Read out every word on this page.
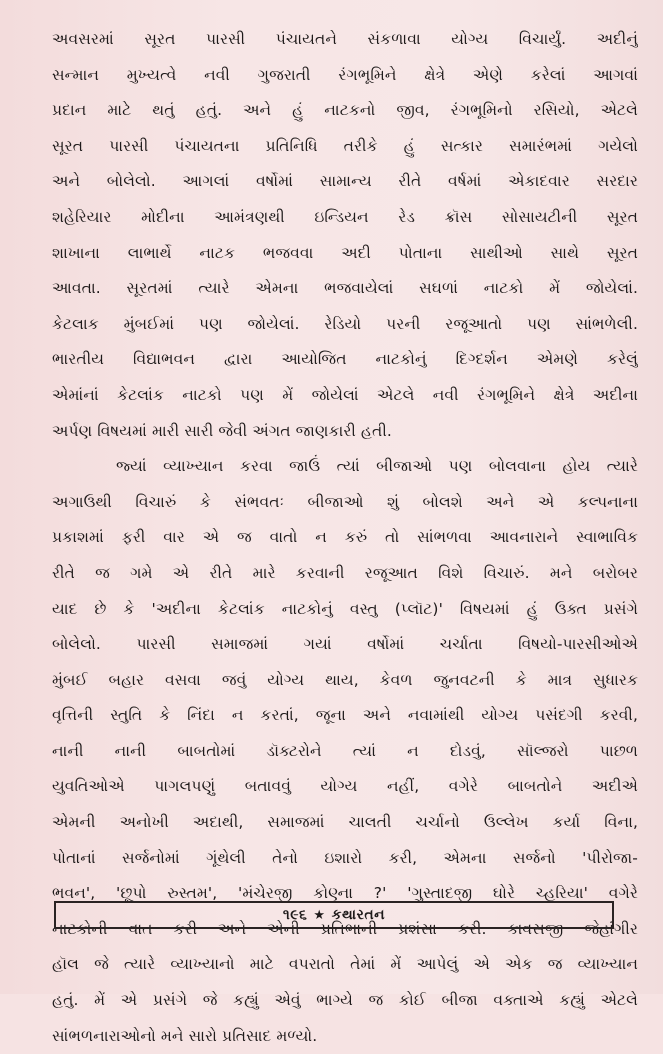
અવસરમાં સૂરત પારસી પંચાયતને સંકળાવા યોગ્ય વિચાર્યું. અદીનું
સન્માન મુખ્યત્વે નવી ગુજરાતી રંગભૂમિને ક્ષેત્રે એણે કરેલાં આગવાં
પ્રદાન માટે થતું હતું. અને હું નાટકનો જીવ, રંગભૂમિનો રસિયો, એટલે
સૂરત પારસી પંચાયતના પ્રતિનિધિ તરીકે હું સત્કાર સમારંભમાં ગયેલો
અને બોલેલો. આગલાં વર્ષોમાં સામાન્ય રીતે વર્ષમાં એકાદવાર સરદાર
શહેરિયાર મોદીના આમંત્રણથી ઇન્ડિયન રેડ ક્રૉસ સોસાયટીની સૂરત
શાખાના લાભાર્થે નાટક ભજવવા અદી પોતાના સાથીઓ સાથે સૂરત
આવતા. સૂરતમાં ત્યારે એમના ભજવાયેલાં સઘળાં નાટકો મેં જોયેલાં.
કેટલાક મુંબઈમાં પણ જોયેલાં. રેડિયો પરની રજૂઆતો પણ સાંભળેલી.
ભારતીય વિદ્યાભવન દ્વારા આયોજિત નાટકોનું દિગ્દર્શન એમણે કરેલું
એમાંનાં કેટલાંક નાટકો પણ મેં જોયેલાં એટલે નવી રંગભૂમિને ક્ષેત્રે અદીના
અર્પણ વિષયમાં મારી સારી જેવી અંગત જાણકારી હતી.
જ્યાં વ્યાખ્યાન કરવા જાઉં ત્યાં બીજાઓ પણ બોલવાના હોય ત્યારે
અગાઉથી વિચારું કે સંભવતઃ બીજાઓ શું બોલશે અને એ કલ્પનાના
પ્રકાશમાં ફરી વાર એ જ વાતો ન કરું તો સાંભળવા આવનારાને સ્વાભાવિક
રીતે જ ગમે એ રીતે મારે કરવાની રજૂઆત વિશે વિચારું. મને બરોબર
યાદ છે કે 'અદીના કેટલાંક નાટકોનું વસ્તુ (પ્લૉટ)' વિષયમાં હું ઉક્ત પ્રસંગે
બોલેલો. પારસી સમાજમાં ગયાં વર્ષોમાં ચર્ચાતા વિષયો-પારસીઓએ
મુંબઈ બહાર વસવા જવું યોગ્ય થાય, કેવળ જુનવટની કે માત્ર સુધારક
વૃત્તિની સ્તુતિ કે નિંદા ન કરતાં, જૂના અને નવામાંથી યોગ્ય પસંદગી કરવી,
નાની નાની બાબતોમાં ડૉક્ટરોને ત્યાં ન દોડવું, સૉલ્જરો પાછળ
યુવતિઓએ પાગલપણું બતાવવું યોગ્ય નહીં, વગેરે બાબતોને અદીએ
એમની અનોખી અદાથી, સમાજમાં ચાલતી ચર્ચાનો ઉલ્લેખ કર્યા વિના,
પોતાનાં સર્જનોમાં ગૂંથેલી તેનો ઇશારો કરી, એમના સર્જનો 'પીરોજા-
ભવન', 'છૂપો રુસ્તમ', 'મંચેરજી કોણ્ના ?' 'ગુસ્તાદજી ઘોરે ચ્હરિયા' વગેરે
નાટકોની વાત કરી અને એની પ્રતિભાની પ્રશંસા કરી. કાવસજી જેહાંગીર
હૉલ જે ત્યારે વ્યાખ્યાનો માટે વપરાતો તેમાં મેં આપેલું એ એક જ વ્યાખ્યાન
હતું. મેં એ પ્રસંગે જે કહ્યું એવું ભાગ્યે જ કોઈ બીજા વક્તાએ કહ્યું એટલે
સાંભળનારાઓનો મને સારો પ્રતિસાદ મળ્યો.
૧૯૬ ★ કથારતન
